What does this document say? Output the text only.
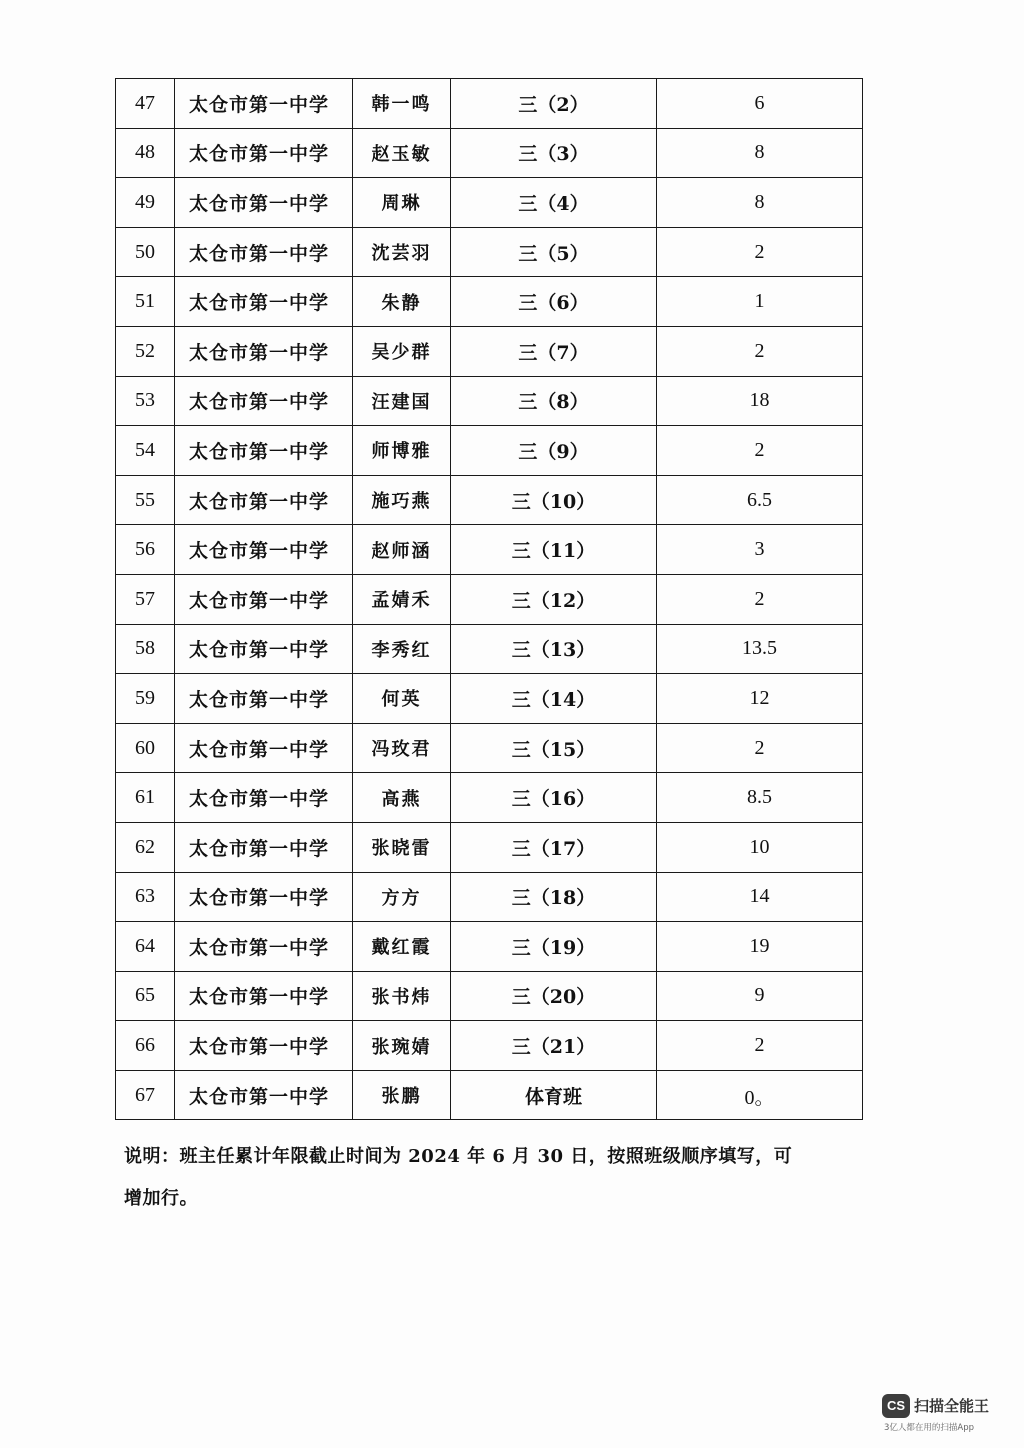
47	太仓市第一中学	韩一鸣	三（2）	6
48	太仓市第一中学	赵玉敏	三（3）	8
49	太仓市第一中学	周琳	三（4）	8
50	太仓市第一中学	沈芸羽	三（5）	2
51	太仓市第一中学	朱静	三（6）	1
52	太仓市第一中学	吴少群	三（7）	2
53	太仓市第一中学	汪建国	三（8）	18
54	太仓市第一中学	师博雅	三（9）	2
55	太仓市第一中学	施巧燕	三（10）	6.5
56	太仓市第一中学	赵师涵	三（11）	3
57	太仓市第一中学	孟婧禾	三（12）	2
58	太仓市第一中学	李秀红	三（13）	13.5
59	太仓市第一中学	何英	三（14）	12
60	太仓市第一中学	冯玫君	三（15）	2
61	太仓市第一中学	高燕	三（16）	8.5
62	太仓市第一中学	张晓雷	三（17）	10
63	太仓市第一中学	方方	三（18）	14
64	太仓市第一中学	戴红霞	三（19）	19
65	太仓市第一中学	张书炜	三（20）	9
66	太仓市第一中学	张琬婧	三（21）	2
67	太仓市第一中学	张鹏	体育班	0。
说明：班主任累计年限截止时间为 2024 年 6 月 30 日，按照班级顺序填写，可
增加行。
CS 扫描全能王
3亿人都在用的扫描App
